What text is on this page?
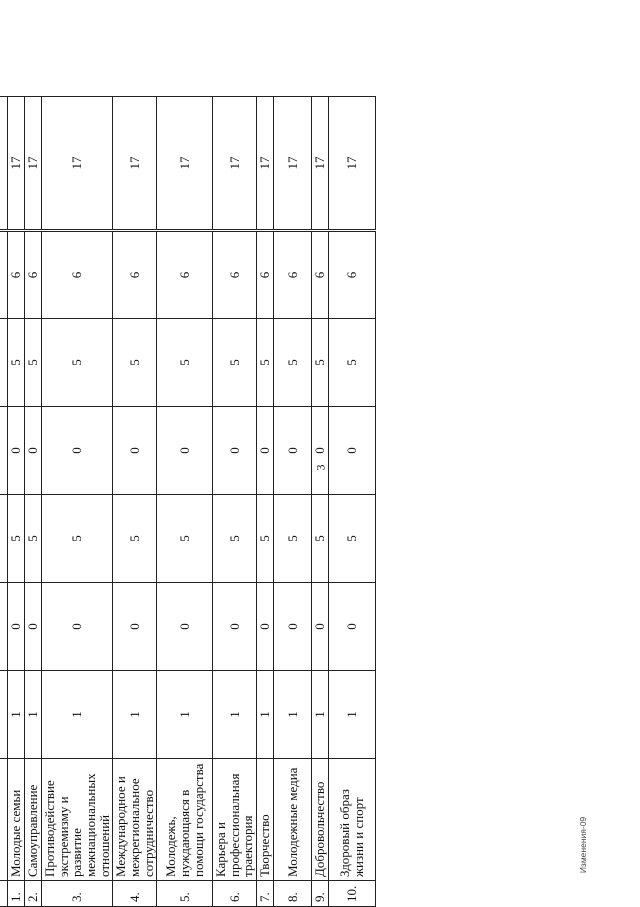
3

1.	Молодые семьи	1	0	5	0	5	6	17
2.	Самоуправление	1	0	5	0	5	6	17
3.	Противодействие экстремизму и развитие межнациональных отношений	1	0	5	0	5	6	17
4.	Международное и межрегиональное сотрудничество	1	0	5	0	5	6	17
5.	Молодежь, нуждающаяся в помощи государства	1	0	5	0	5	6	17
6.	Карьера и профессиональная траектория	1	0	5	0	5	6	17
7.	Творчество	1	0	5	0	5	6	17
8.	Молодежные медиа	1	0	5	0	5	6	17
9.	Добровольчество	1	0	5	0	5	6	17
10.	Здоровый образ жизни и спорт	1	0	5	0	5	6	17
Изменения-09
